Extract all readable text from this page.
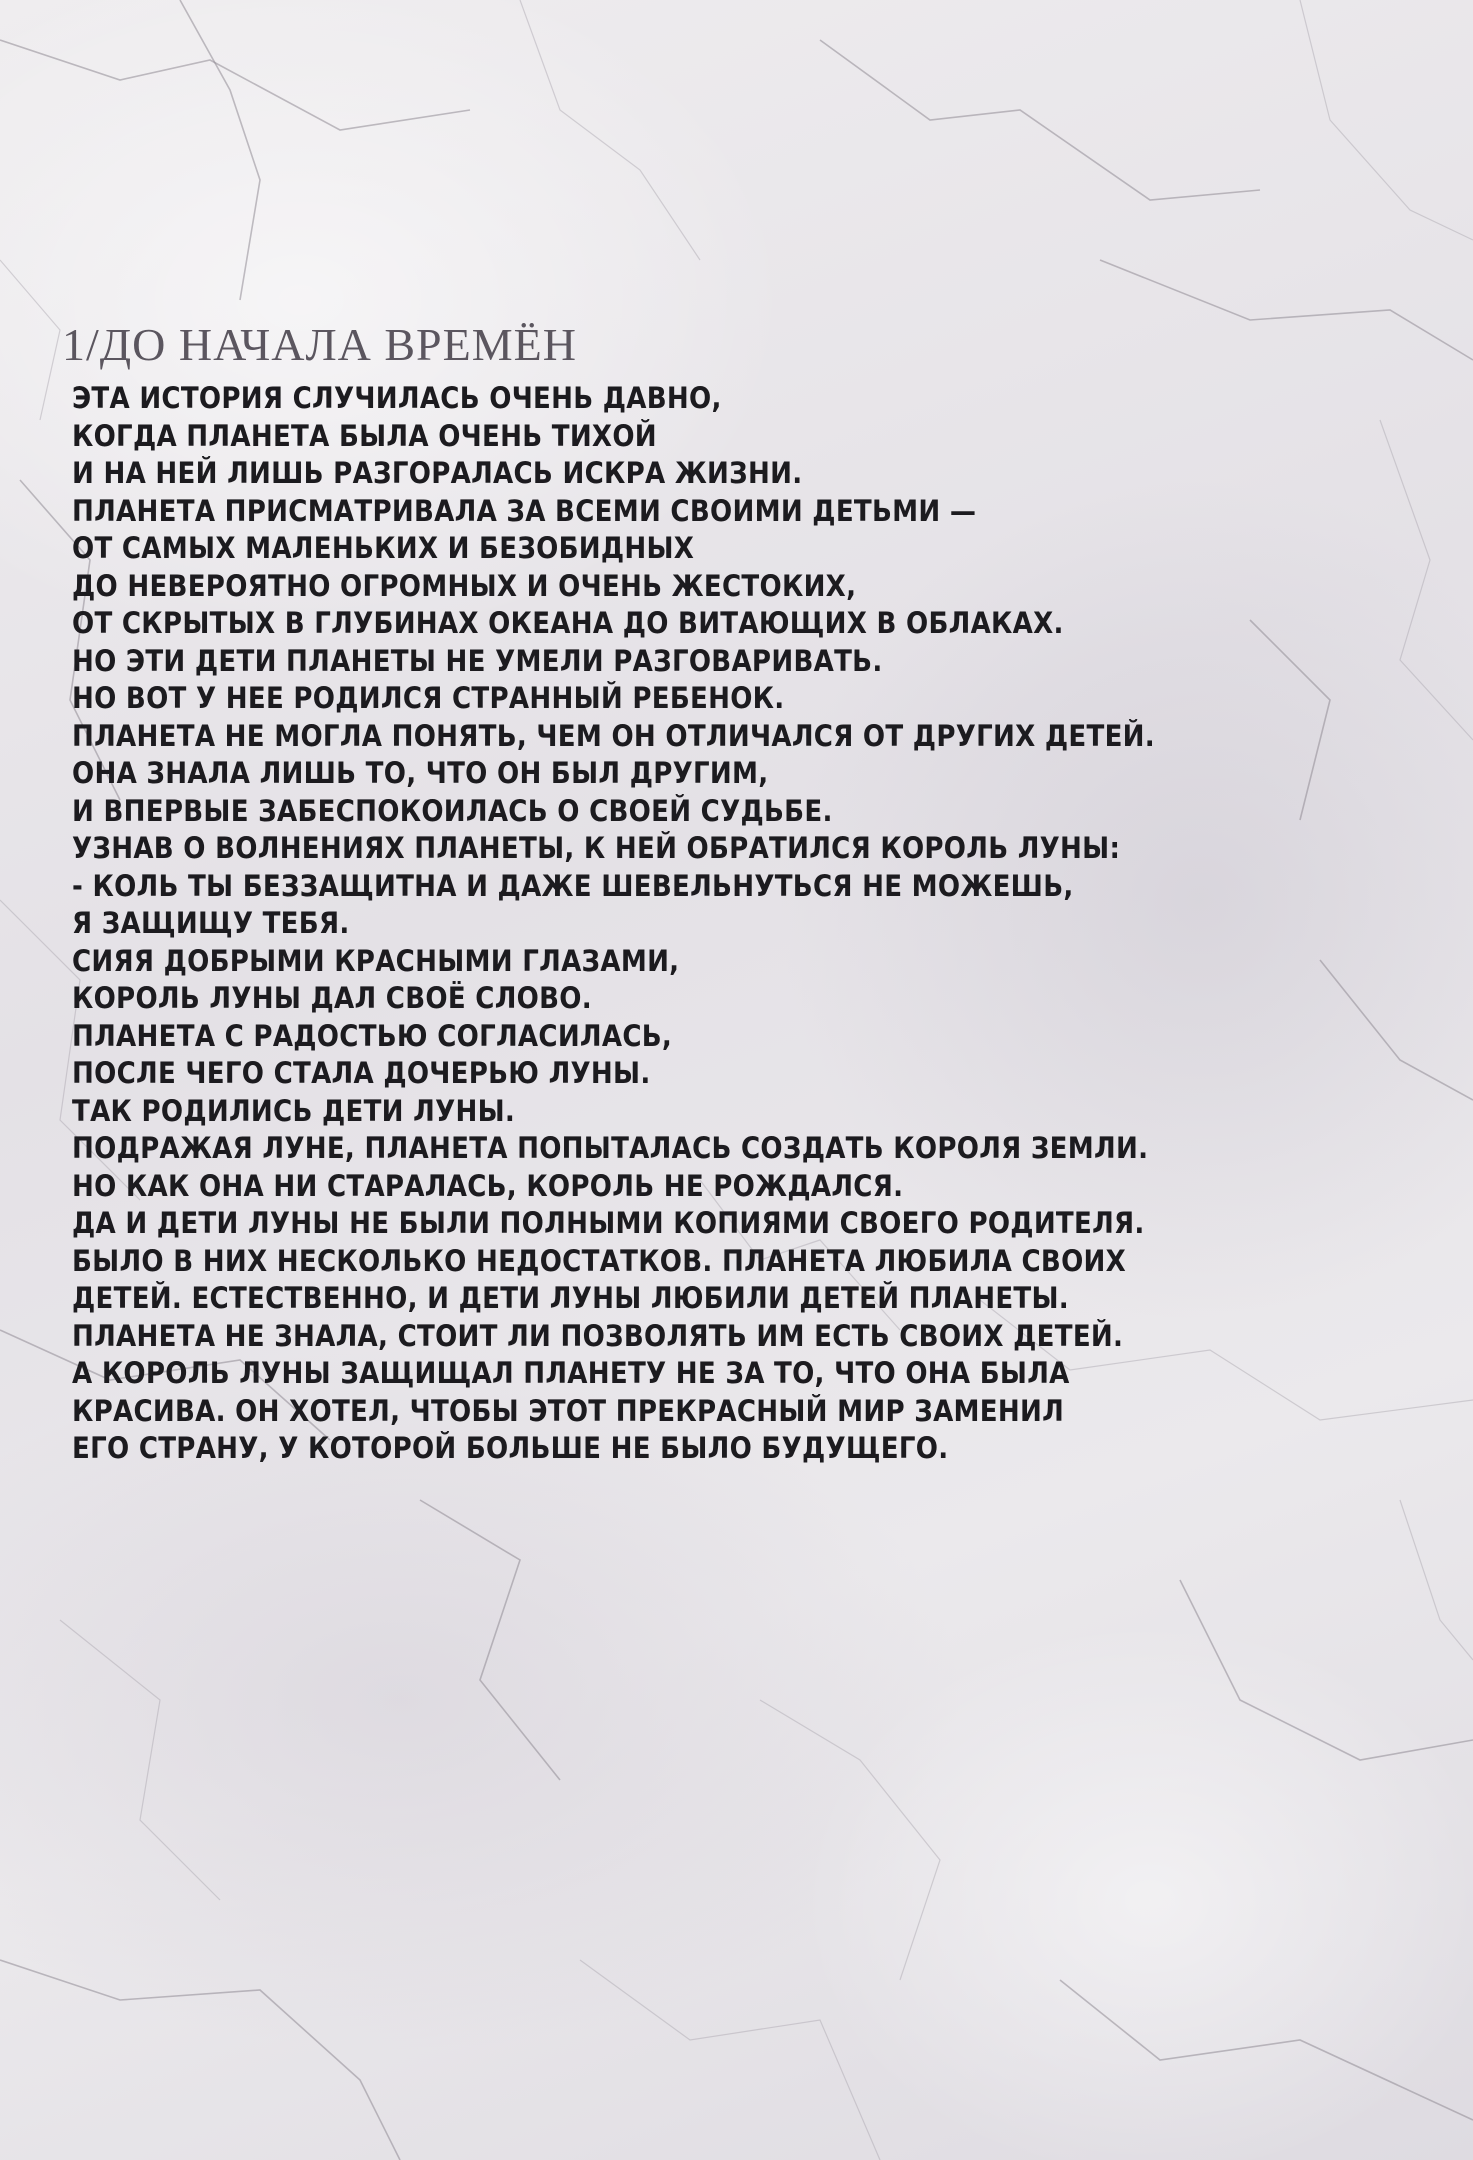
1/ДО НАЧАЛА ВРЕМЁН
ЭТА ИСТОРИЯ СЛУЧИЛАСЬ ОЧЕНЬ ДАВНО,
КОГДА ПЛАНЕТА БЫЛА ОЧЕНЬ ТИХОЙ
И НА НЕЙ ЛИШЬ РАЗГОРАЛАСЬ ИСКРА ЖИЗНИ.
ПЛАНЕТА ПРИСМАТРИВАЛА ЗА ВСЕМИ СВОИМИ ДЕТЬМИ —
ОТ САМЫХ МАЛЕНЬКИХ И БЕЗОБИДНЫХ
ДО НЕВЕРОЯТНО ОГРОМНЫХ И ОЧЕНЬ ЖЕСТОКИХ,
ОТ СКРЫТЫХ В ГЛУБИНАХ ОКЕАНА ДО ВИТАЮЩИХ В ОБЛАКАХ.
НО ЭТИ ДЕТИ ПЛАНЕТЫ НЕ УМЕЛИ РАЗГОВАРИВАТЬ.
НО ВОТ У НЕЕ РОДИЛСЯ СТРАННЫЙ РЕБЕНОК.
ПЛАНЕТА НЕ МОГЛА ПОНЯТЬ, ЧЕМ ОН ОТЛИЧАЛСЯ ОТ ДРУГИХ ДЕТЕЙ.
ОНА ЗНАЛА ЛИШЬ ТО, ЧТО ОН БЫЛ ДРУГИМ,
И ВПЕРВЫЕ ЗАБЕСПОКОИЛАСЬ О СВОЕЙ СУДЬБЕ.
УЗНАВ О ВОЛНЕНИЯХ ПЛАНЕТЫ, К НЕЙ ОБРАТИЛСЯ КОРОЛЬ ЛУНЫ:
- КОЛЬ ТЫ БЕЗЗАЩИТНА И ДАЖЕ ШЕВЕЛЬНУТЬСЯ НЕ МОЖЕШЬ,
Я ЗАЩИЩУ ТЕБЯ.
СИЯЯ ДОБРЫМИ КРАСНЫМИ ГЛАЗАМИ,
КОРОЛЬ ЛУНЫ ДАЛ СВОЁ СЛОВО.
ПЛАНЕТА С РАДОСТЬЮ СОГЛАСИЛАСЬ,
ПОСЛЕ ЧЕГО СТАЛА ДОЧЕРЬЮ ЛУНЫ.
ТАК РОДИЛИСЬ ДЕТИ ЛУНЫ.
ПОДРАЖАЯ ЛУНЕ, ПЛАНЕТА ПОПЫТАЛАСЬ СОЗДАТЬ КОРОЛЯ ЗЕМЛИ.
НО КАК ОНА НИ СТАРАЛАСЬ, КОРОЛЬ НЕ РОЖДАЛСЯ.
ДА И ДЕТИ ЛУНЫ НЕ БЫЛИ ПОЛНЫМИ КОПИЯМИ СВОЕГО РОДИТЕЛЯ.
БЫЛО В НИХ НЕСКОЛЬКО НЕДОСТАТКОВ. ПЛАНЕТА ЛЮБИЛА СВОИХ
ДЕТЕЙ. ЕСТЕСТВЕННО, И ДЕТИ ЛУНЫ ЛЮБИЛИ ДЕТЕЙ ПЛАНЕТЫ.
ПЛАНЕТА НЕ ЗНАЛА, СТОИТ ЛИ ПОЗВОЛЯТЬ ИМ ЕСТЬ СВОИХ ДЕТЕЙ.
А КОРОЛЬ ЛУНЫ ЗАЩИЩАЛ ПЛАНЕТУ НЕ ЗА ТО, ЧТО ОНА БЫЛА
КРАСИВА. ОН ХОТЕЛ, ЧТОБЫ ЭТОТ ПРЕКРАСНЫЙ МИР ЗАМЕНИЛ
ЕГО СТРАНУ, У КОТОРОЙ БОЛЬШЕ НЕ БЫЛО БУДУЩЕГО.
